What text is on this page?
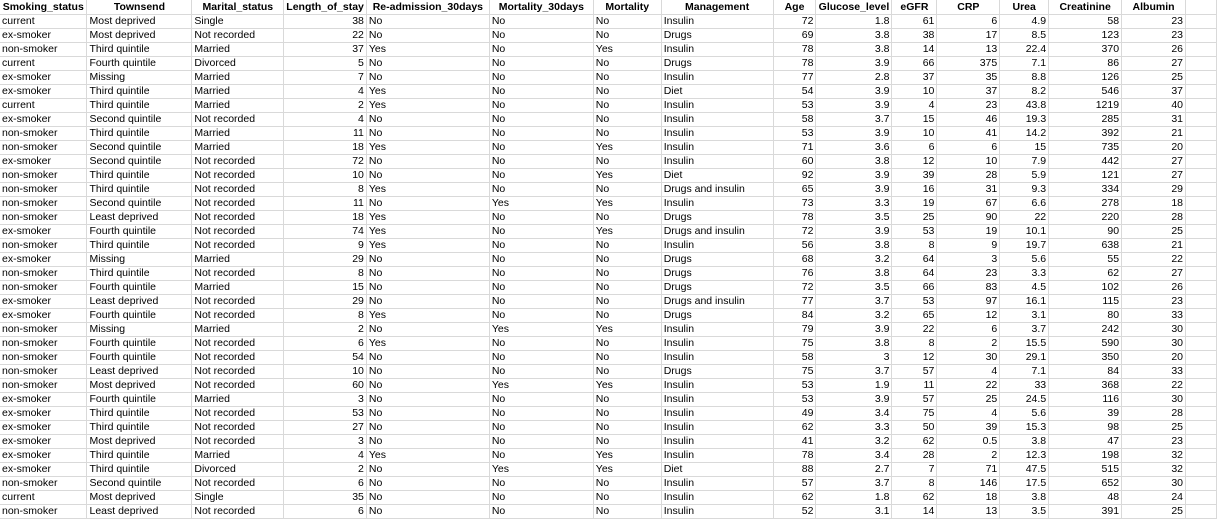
Smoking_status	Townsend	Marital_status	Length_of_stay	Re-admission_30days	Mortality_30days	Mortality	Management	Age	Glucose_level	eGFR	CRP	Urea	Creatinine	Albumin	
current	Most deprived	Single	38	No	No	No	Insulin	72	1.8	61	6	4.9	58	23	
ex-smoker	Most deprived	Not recorded	22	No	No	No	Drugs	69	3.8	38	17	8.5	123	23	
non-smoker	Third quintile	Married	37	Yes	No	Yes	Insulin	78	3.8	14	13	22.4	370	26	
current	Fourth quintile	Divorced	5	No	No	No	Drugs	78	3.9	66	375	7.1	86	27	
ex-smoker	Missing	Married	7	No	No	No	Insulin	77	2.8	37	35	8.8	126	25	
ex-smoker	Third quintile	Married	4	Yes	No	No	Diet	54	3.9	10	37	8.2	546	37	
current	Third quintile	Married	2	Yes	No	No	Insulin	53	3.9	4	23	43.8	1219	40	
ex-smoker	Second quintile	Not recorded	4	No	No	No	Insulin	58	3.7	15	46	19.3	285	31	
non-smoker	Third quintile	Married	11	No	No	No	Insulin	53	3.9	10	41	14.2	392	21	
non-smoker	Second quintile	Married	18	Yes	No	Yes	Insulin	71	3.6	6	6	15	735	20	
ex-smoker	Second quintile	Not recorded	72	No	No	No	Insulin	60	3.8	12	10	7.9	442	27	
non-smoker	Third quintile	Not recorded	10	No	No	Yes	Diet	92	3.9	39	28	5.9	121	27	
non-smoker	Third quintile	Not recorded	8	Yes	No	No	Drugs and insulin	65	3.9	16	31	9.3	334	29	
non-smoker	Second quintile	Not recorded	11	No	Yes	Yes	Insulin	73	3.3	19	67	6.6	278	18	
non-smoker	Least deprived	Not recorded	18	Yes	No	No	Drugs	78	3.5	25	90	22	220	28	
ex-smoker	Fourth quintile	Not recorded	74	Yes	No	Yes	Drugs and insulin	72	3.9	53	19	10.1	90	25	
non-smoker	Third quintile	Not recorded	9	Yes	No	No	Insulin	56	3.8	8	9	19.7	638	21	
ex-smoker	Missing	Married	29	No	No	No	Drugs	68	3.2	64	3	5.6	55	22	
non-smoker	Third quintile	Not recorded	8	No	No	No	Drugs	76	3.8	64	23	3.3	62	27	
non-smoker	Fourth quintile	Married	15	No	No	No	Drugs	72	3.5	66	83	4.5	102	26	
ex-smoker	Least deprived	Not recorded	29	No	No	No	Drugs and insulin	77	3.7	53	97	16.1	115	23	
ex-smoker	Fourth quintile	Not recorded	8	Yes	No	No	Drugs	84	3.2	65	12	3.1	80	33	
non-smoker	Missing	Married	2	No	Yes	Yes	Insulin	79	3.9	22	6	3.7	242	30	
non-smoker	Fourth quintile	Not recorded	6	Yes	No	No	Insulin	75	3.8	8	2	15.5	590	30	
non-smoker	Fourth quintile	Not recorded	54	No	No	No	Insulin	58	3	12	30	29.1	350	20	
non-smoker	Least deprived	Not recorded	10	No	No	No	Drugs	75	3.7	57	4	7.1	84	33	
non-smoker	Most deprived	Not recorded	60	No	Yes	Yes	Insulin	53	1.9	11	22	33	368	22	
ex-smoker	Fourth quintile	Married	3	No	No	No	Insulin	53	3.9	57	25	24.5	116	30	
ex-smoker	Third quintile	Not recorded	53	No	No	No	Insulin	49	3.4	75	4	5.6	39	28	
ex-smoker	Third quintile	Not recorded	27	No	No	No	Insulin	62	3.3	50	39	15.3	98	25	
ex-smoker	Most deprived	Not recorded	3	No	No	No	Insulin	41	3.2	62	0.5	3.8	47	23	
ex-smoker	Third quintile	Married	4	Yes	No	Yes	Insulin	78	3.4	28	2	12.3	198	32	
ex-smoker	Third quintile	Divorced	2	No	Yes	Yes	Diet	88	2.7	7	71	47.5	515	32	
non-smoker	Second quintile	Not recorded	6	No	No	No	Insulin	57	3.7	8	146	17.5	652	30	
current	Most deprived	Single	35	No	No	No	Insulin	62	1.8	62	18	3.8	48	24	
non-smoker	Least deprived	Not recorded	6	No	No	No	Insulin	52	3.1	14	13	3.5	391	25	
